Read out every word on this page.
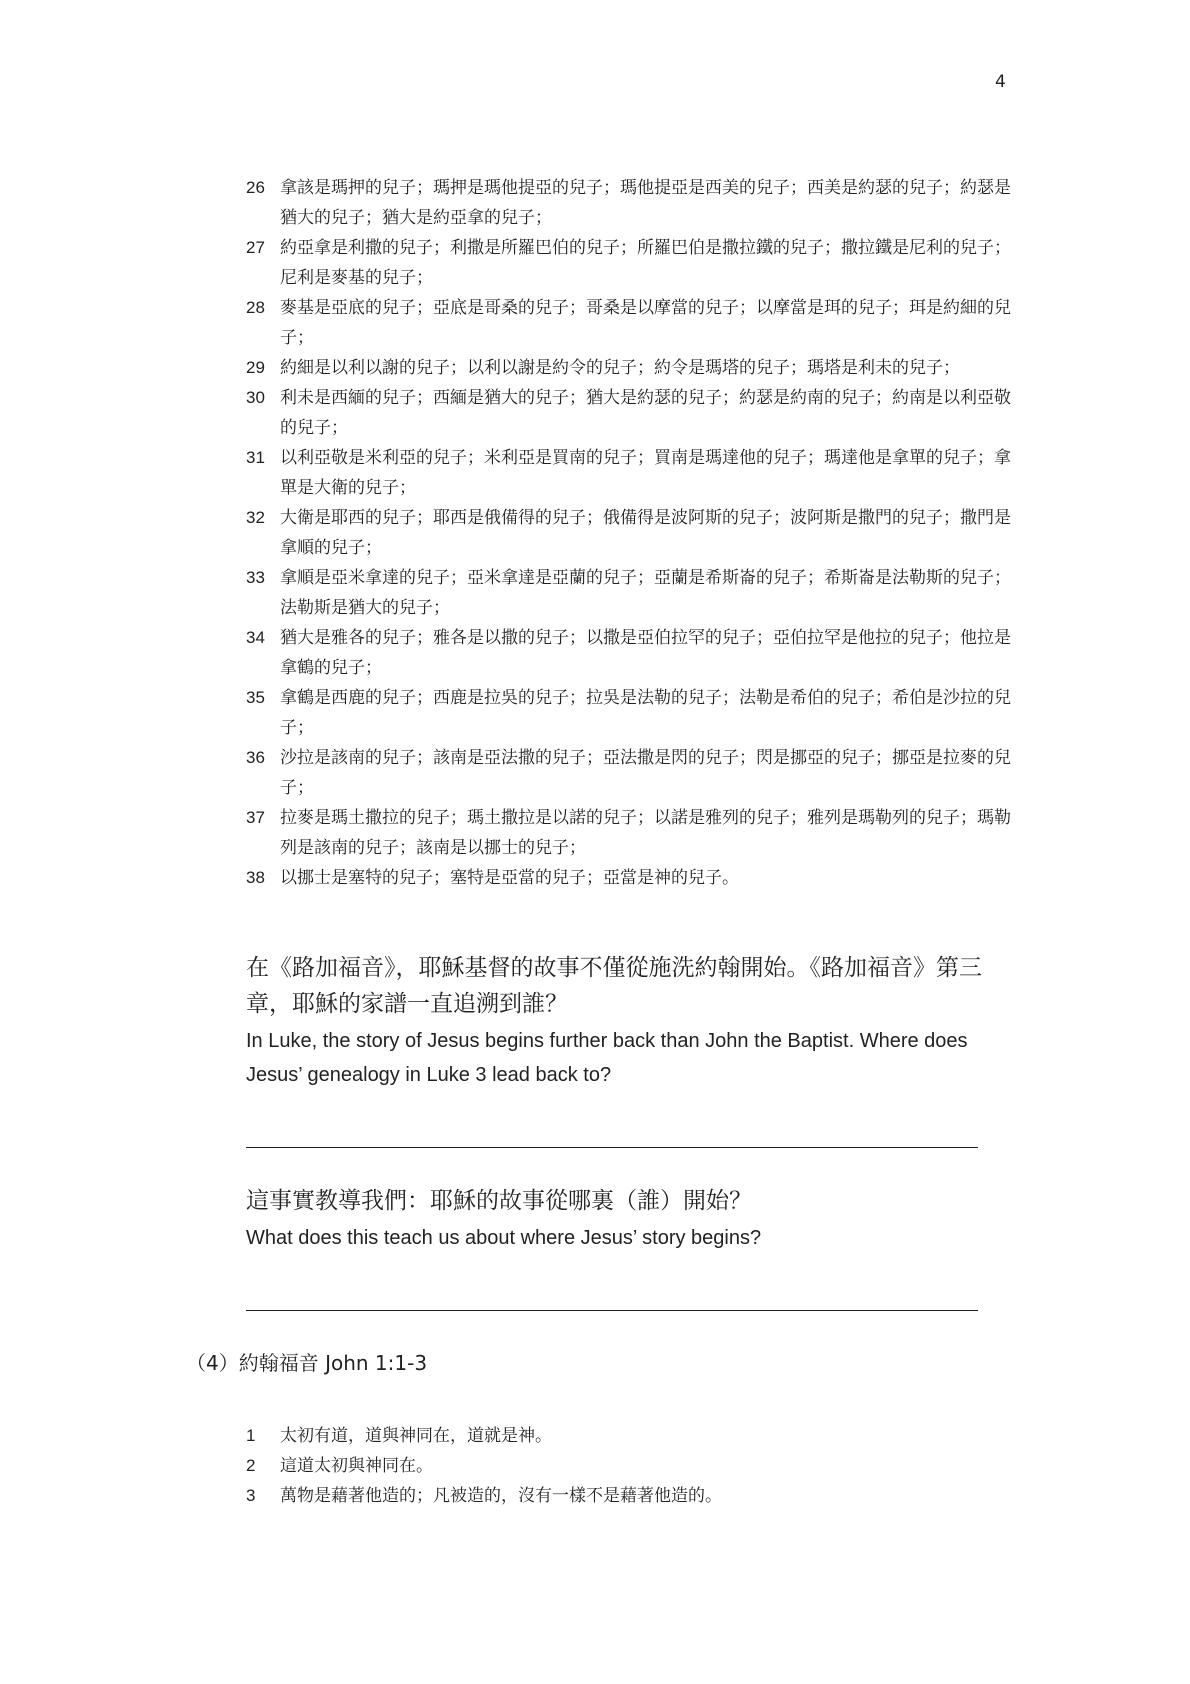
4
26 拿該是瑪押的兒子；瑪押是瑪他提亞的兒子；瑪他提亞是西美的兒子；西美是約瑟的兒子；約瑟是猶大的兒子；猶大是約亞拿的兒子；
27 約亞拿是利撒的兒子；利撒是所羅巴伯的兒子；所羅巴伯是撒拉鐵的兒子；撒拉鐵是尼利的兒子；尼利是麥基的兒子；
28 麥基是亞底的兒子；亞底是哥桑的兒子；哥桑是以摩當的兒子；以摩當是珥的兒子；珥是約細的兒子；
29 約細是以利以謝的兒子；以利以謝是約令的兒子；約令是瑪塔的兒子；瑪塔是利未的兒子；
30 利未是西緬的兒子；西緬是猶大的兒子；猶大是約瑟的兒子；約瑟是約南的兒子；約南是以利亞敬的兒子；
31 以利亞敬是米利亞的兒子；米利亞是買南的兒子；買南是瑪達他的兒子；瑪達他是拿單的兒子；拿單是大衛的兒子；
32 大衛是耶西的兒子；耶西是俄備得的兒子；俄備得是波阿斯的兒子；波阿斯是撒門的兒子；撒門是拿順的兒子；
33 拿順是亞米拿達的兒子；亞米拿達是亞蘭的兒子；亞蘭是希斯崙的兒子；希斯崙是法勒斯的兒子；法勒斯是猶大的兒子；
34 猶大是雅各的兒子；雅各是以撒的兒子；以撒是亞伯拉罕的兒子；亞伯拉罕是他拉的兒子；他拉是拿鶴的兒子；
35 拿鶴是西鹿的兒子；西鹿是拉吳的兒子；拉吳是法勒的兒子；法勒是希伯的兒子；希伯是沙拉的兒子；
36 沙拉是該南的兒子；該南是亞法撒的兒子；亞法撒是閃的兒子；閃是挪亞的兒子；挪亞是拉麥的兒子；
37 拉麥是瑪土撒拉的兒子；瑪土撒拉是以諾的兒子；以諾是雅列的兒子；雅列是瑪勒列的兒子；瑪勒列是該南的兒子；該南是以挪士的兒子；
38 以挪士是塞特的兒子；塞特是亞當的兒子；亞當是神的兒子。
在《路加福音》，耶穌基督的故事不僅從施洗約翰開始。《路加福音》第三章，耶穌的家譜一直追溯到誰？
In Luke, the story of Jesus begins further back than John the Baptist. Where does Jesus’ genealogy in Luke 3 lead back to?
這事實教導我們：耶穌的故事從哪裏（誰）開始？
What does this teach us about where Jesus’ story begins?
（4）約翰福音 John 1:1-3
1	太初有道，道與神同在，道就是神。
2	這道太初與神同在。
3	萬物是藉著他造的；凡被造的，沒有一樣不是藉著他造的。
